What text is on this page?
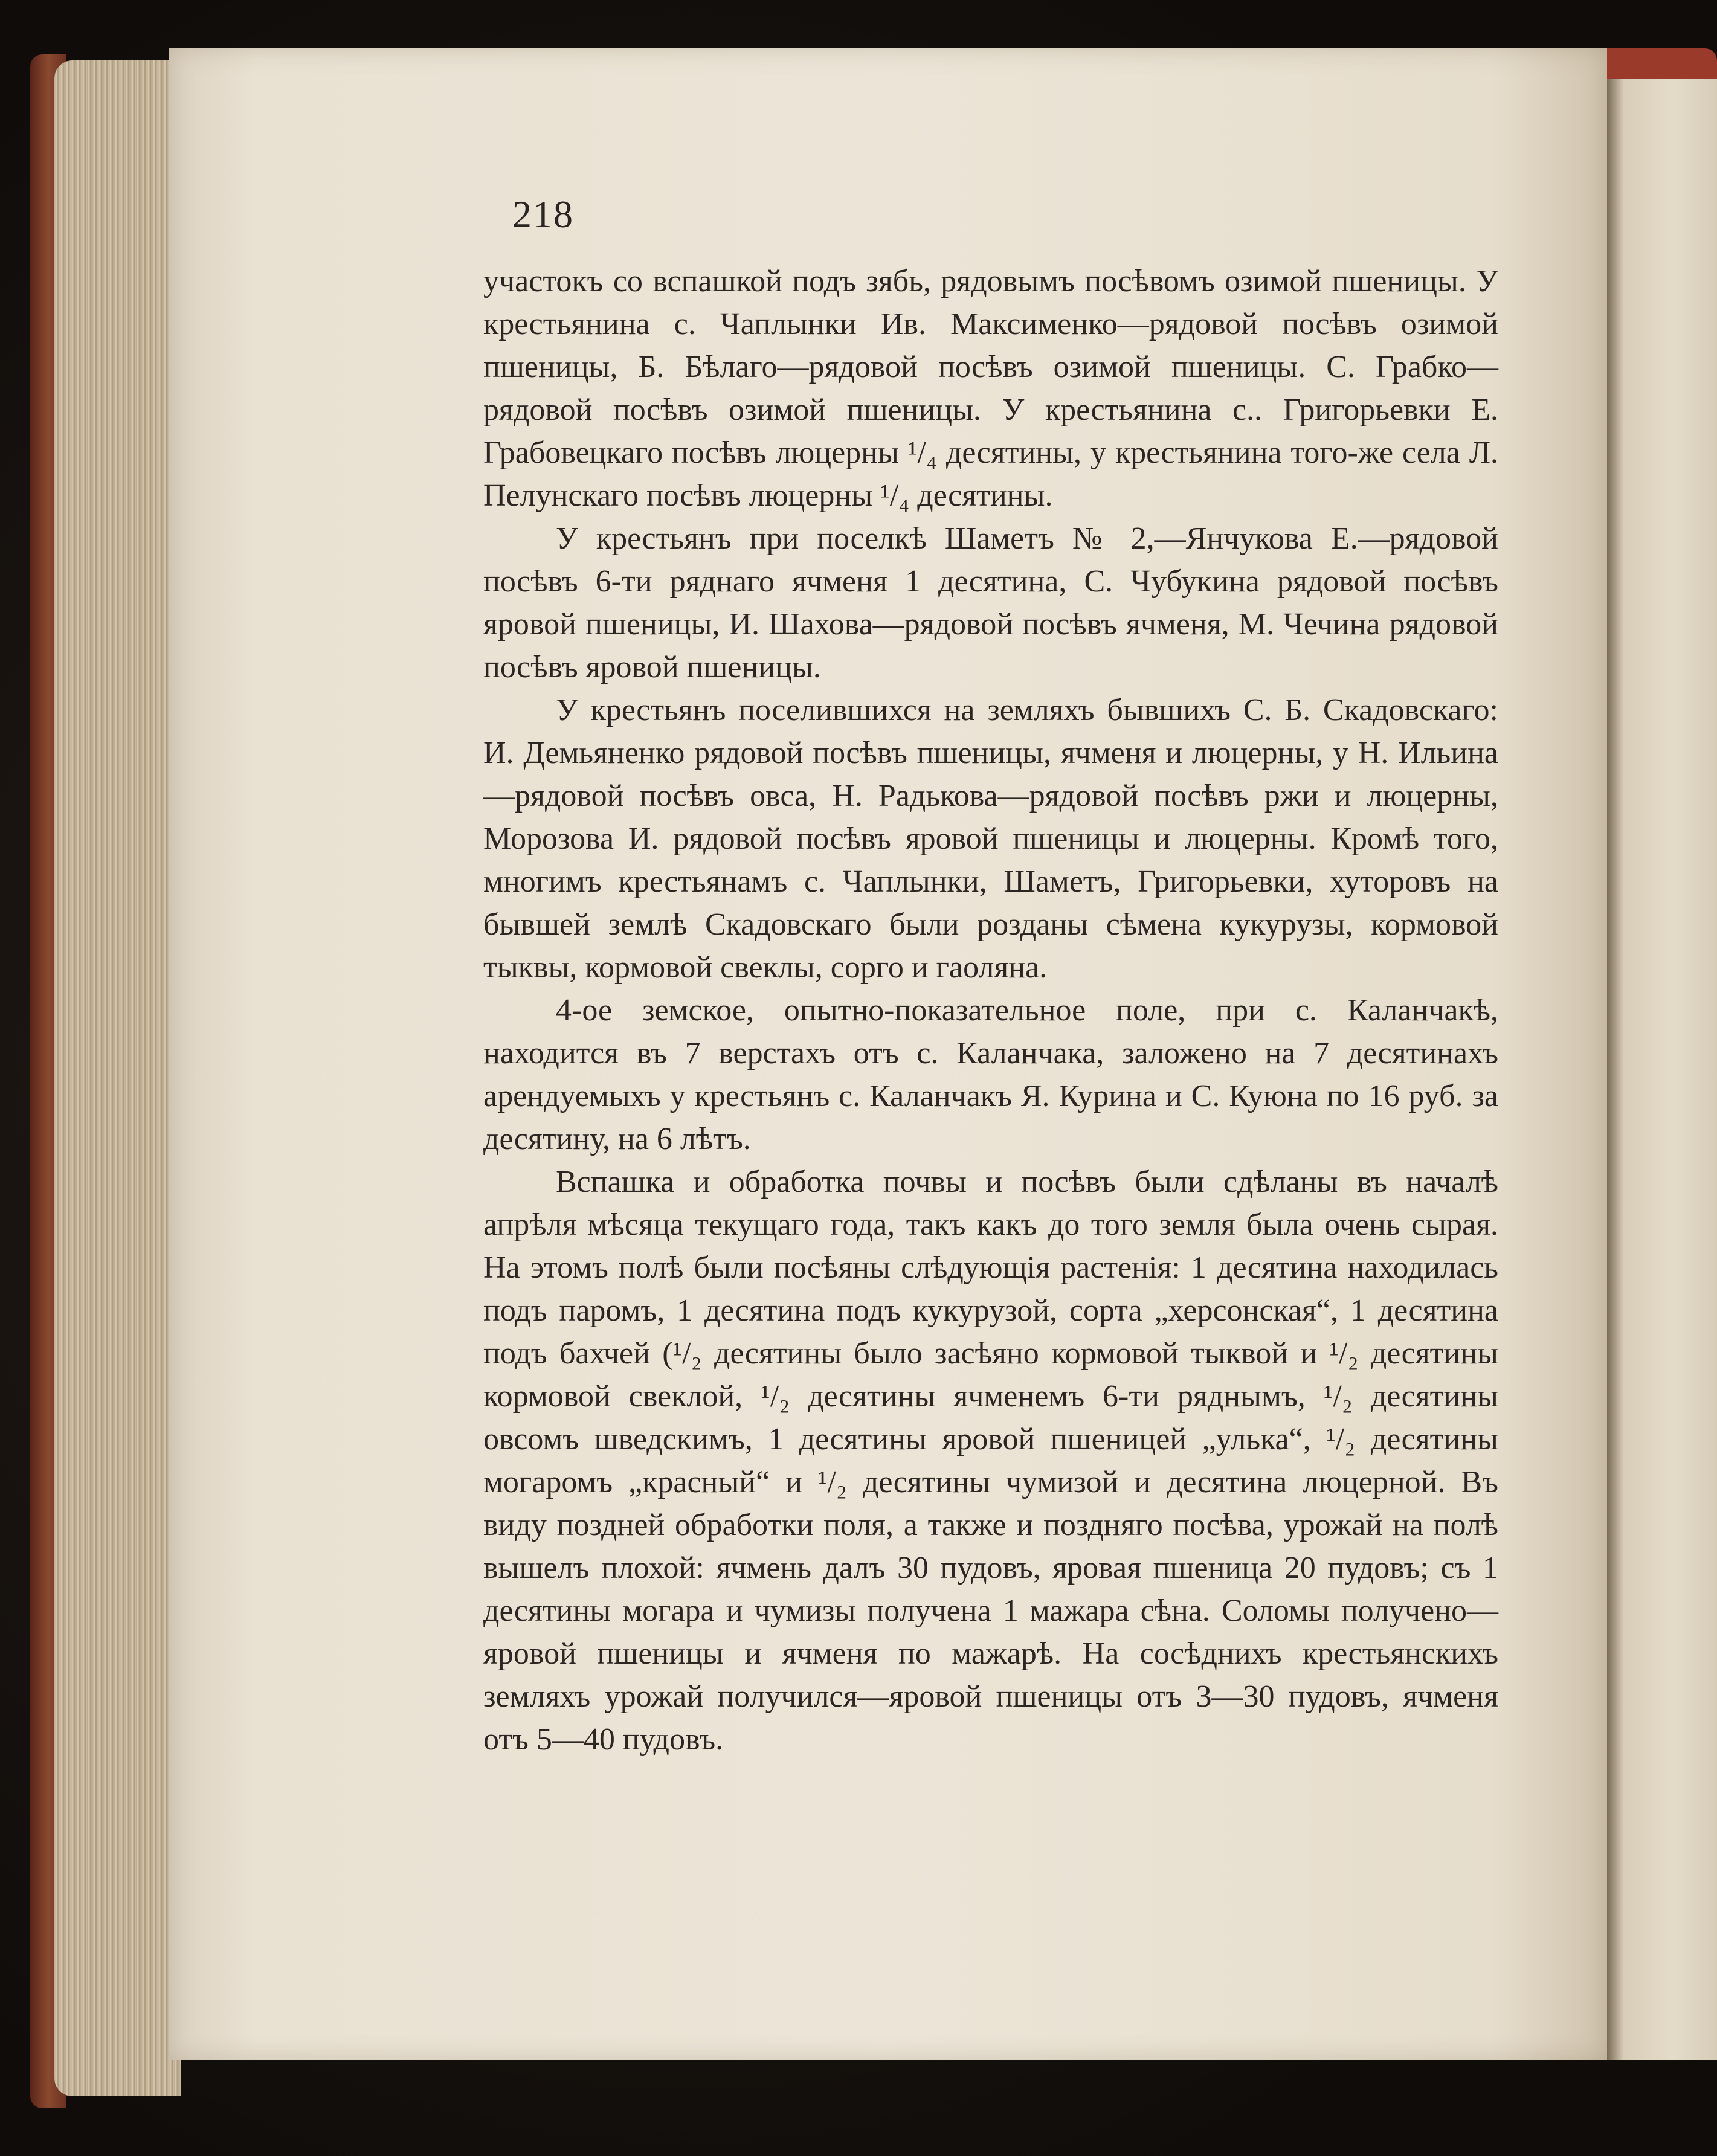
218

участокъ со вспашкой подъ зябь, рядовымъ посѣвомъ озимой пшеницы. У крестьянина с. Чаплынки Ив. Максименко—рядовой посѣвъ озимой пшеницы, Б. Бѣлаго—рядовой посѣвъ озимой пшеницы. С. Грабко—рядовой посѣвъ озимой пшеницы. У крестьянина с.. Григорьевки Е. Грабовецкаго посѣвъ люцерны ¹/₄ десятины, у крестьянина того-же села Л. Пелунскаго посѣвъ люцерны ¹/₄ десятины.

У крестьянъ при поселкѣ Шаметъ № 2,—Янчукова Е.—рядовой посѣвъ 6-ти ряднаго ячменя 1 десятина, С. Чубукина рядовой посѣвъ яровой пшеницы, И. Шахова—рядовой посѣвъ ячменя, М. Чечина рядовой посѣвъ яровой пшеницы.

У крестьянъ поселившихся на земляхъ бывшихъ С. Б. Скадовскаго: И. Демьяненко рядовой посѣвъ пшеницы, ячменя и люцерны, у Н. Ильина—рядовой посѣвъ овса, Н. Радькова—рядовой посѣвъ ржи и люцерны, Морозова И. рядовой посѣвъ яровой пшеницы и люцерны. Кромѣ того, многимъ крестьянамъ с. Чаплынки, Шаметъ, Григорьевки, хуторовъ на бывшей землѣ Скадовскаго были розданы сѣмена кукурузы, кормовой тыквы, кормовой свеклы, сорго и гаоляна.

4-ое земское, опытно-показательное поле, при с. Каланчакѣ, находится въ 7 верстахъ отъ с. Каланчака, заложено на 7 десятинахъ арендуемыхъ у крестьянъ с. Каланчакъ Я. Курина и С. Куюна по 16 руб. за десятину, на 6 лѣтъ.

Вспашка и обработка почвы и посѣвъ были сдѣланы въ началѣ апрѣля мѣсяца текущаго года, такъ какъ до того земля была очень сырая. На этомъ полѣ были посѣяны слѣдующія растенія: 1 десятина находилась подъ паромъ, 1 десятина подъ кукурузой, сорта „херсонская“, 1 десятина подъ бахчей (¹/₂ десятины было засѣяно кормовой тыквой и ¹/₂ десятины кормовой свеклой, ¹/₂ десятины ячменемъ 6-ти ряднымъ, ¹/₂ десятины овсомъ шведскимъ, 1 десятины яровой пшеницей „улька“, ¹/₂ десятины могаромъ „красный“ и ¹/₂ десятины чумизой и десятина люцерной. Въ виду поздней обработки поля, а также и поздняго посѣва, урожай на полѣ вышелъ плохой: ячмень далъ 30 пудовъ, яровая пшеница 20 пудовъ; съ 1 десятины могара и чумизы получена 1 мажара сѣна. Соломы получено—яровой пшеницы и ячменя по мажарѣ. На сосѣднихъ крестьянскихъ земляхъ урожай получился—яровой пшеницы отъ 3—30 пудовъ, ячменя отъ 5—40 пудовъ.
